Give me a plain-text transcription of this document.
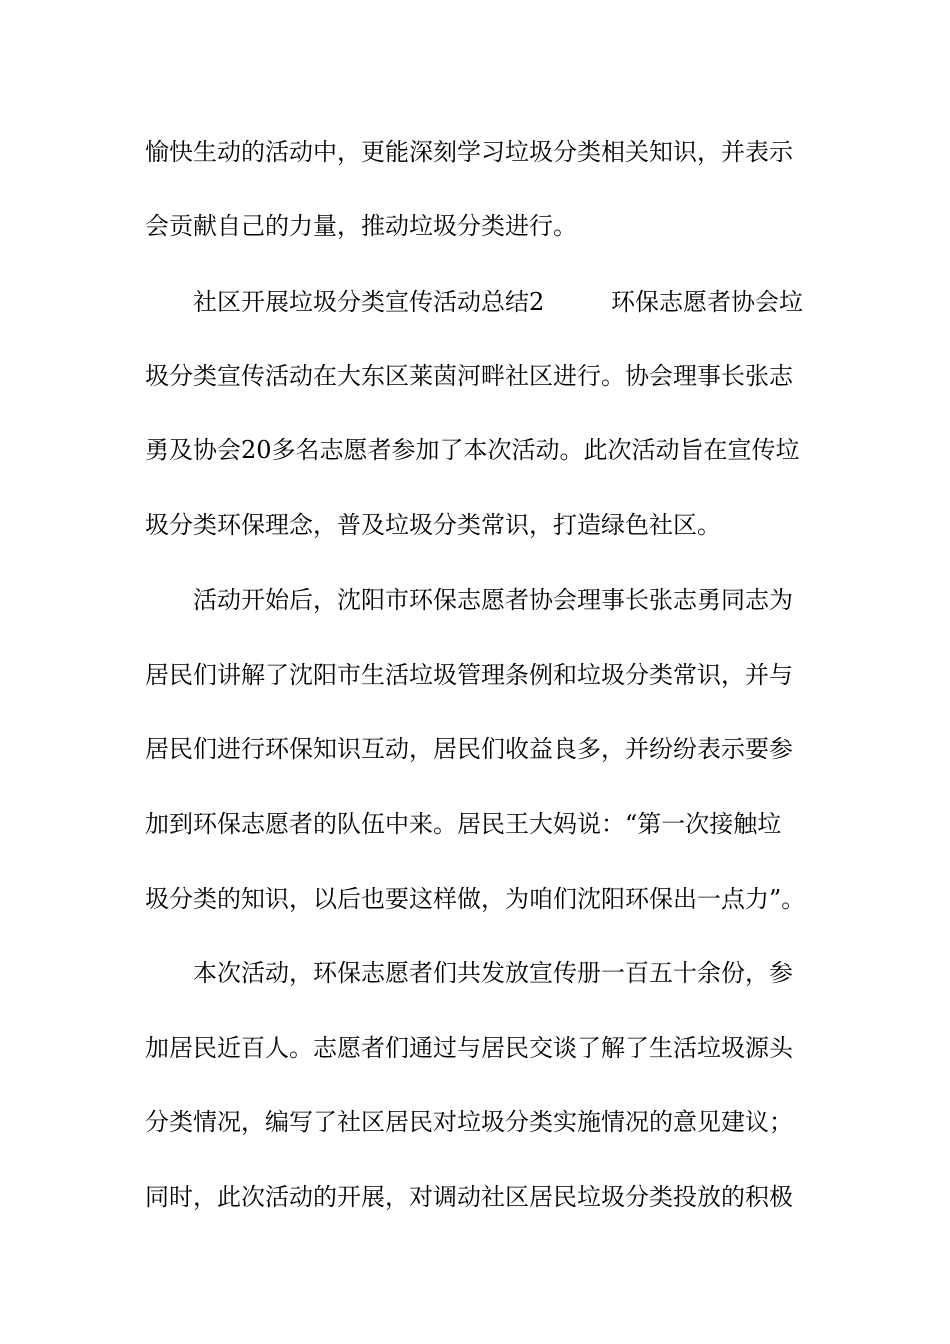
愉快生动的活动中，更能深刻学习垃圾分类相关知识，并表示
会贡献自己的力量，推动垃圾分类进行。
社区开展垃圾分类宣传活动总结2	环保志愿者协会垃
圾分类宣传活动在大东区莱茵河畔社区进行。协会理事长张志
勇及协会20多名志愿者参加了本次活动。此次活动旨在宣传垃
圾分类环保理念，普及垃圾分类常识，打造绿色社区。
活动开始后，沈阳市环保志愿者协会理事长张志勇同志为
居民们讲解了沈阳市生活垃圾管理条例和垃圾分类常识，并与
居民们进行环保知识互动，居民们收益良多，并纷纷表示要参
加到环保志愿者的队伍中来。居民王大妈说：“第一次接触垃
圾分类的知识，以后也要这样做，为咱们沈阳环保出一点力”。
本次活动，环保志愿者们共发放宣传册一百五十余份，参
加居民近百人。志愿者们通过与居民交谈了解了生活垃圾源头
分类情况，编写了社区居民对垃圾分类实施情况的意见建议；
同时，此次活动的开展，对调动社区居民垃圾分类投放的积极
